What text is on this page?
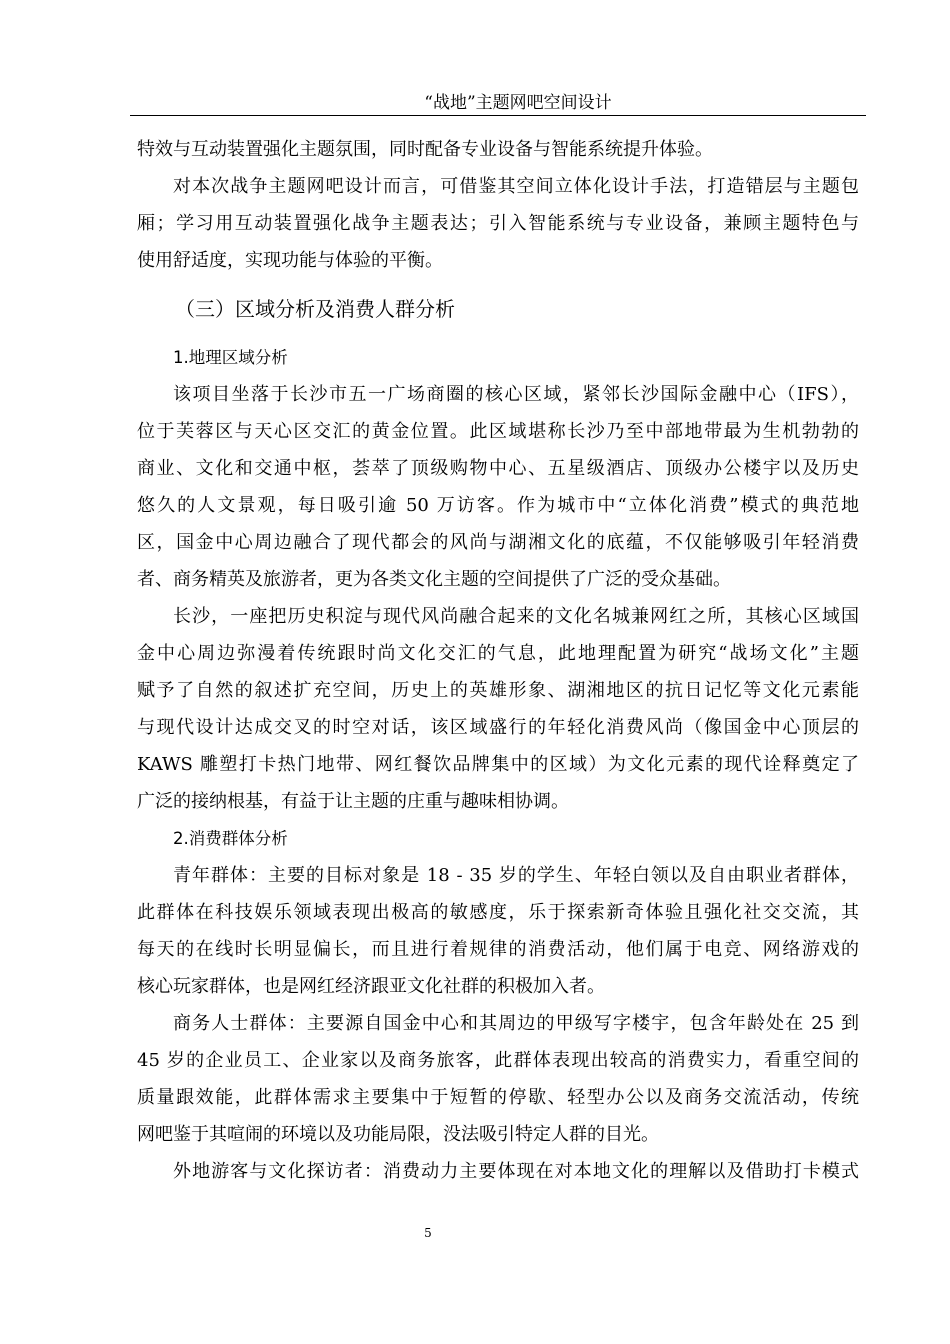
“战地”主题网吧空间设计
特效与互动装置强化主题氛围，同时配备专业设备与智能系统提升体验。
对本次战争主题网吧设计而言，可借鉴其空间立体化设计手法，打造错层与主题包
厢；学习用互动装置强化战争主题表达；引入智能系统与专业设备，兼顾主题特色与
使用舒适度，实现功能与体验的平衡。
（三）区域分析及消费人群分析
1.地理区域分析
该项目坐落于长沙市五一广场商圈的核心区域，紧邻长沙国际金融中心（IFS），
位于芙蓉区与天心区交汇的黄金位置。此区域堪称长沙乃至中部地带最为生机勃勃的
商业、文化和交通中枢，荟萃了顶级购物中心、五星级酒店、顶级办公楼宇以及历史
悠久的人文景观，每日吸引逾 50 万访客。作为城市中“立体化消费”模式的典范地
区，国金中心周边融合了现代都会的风尚与湖湘文化的底蕴，不仅能够吸引年轻消费
者、商务精英及旅游者，更为各类文化主题的空间提供了广泛的受众基础。
长沙，一座把历史积淀与现代风尚融合起来的文化名城兼网红之所，其核心区域国
金中心周边弥漫着传统跟时尚文化交汇的气息，此地理配置为研究“战场文化”主题
赋予了自然的叙述扩充空间，历史上的英雄形象、湖湘地区的抗日记忆等文化元素能
与现代设计达成交叉的时空对话，该区域盛行的年轻化消费风尚（像国金中心顶层的
KAWS 雕塑打卡热门地带、网红餐饮品牌集中的区域）为文化元素的现代诠释奠定了
广泛的接纳根基，有益于让主题的庄重与趣味相协调。
2.消费群体分析
青年群体：主要的目标对象是 18 - 35 岁的学生、年轻白领以及自由职业者群体，
此群体在科技娱乐领域表现出极高的敏感度，乐于探索新奇体验且强化社交交流，其
每天的在线时长明显偏长，而且进行着规律的消费活动，他们属于电竞、网络游戏的
核心玩家群体，也是网红经济跟亚文化社群的积极加入者。
商务人士群体：主要源自国金中心和其周边的甲级写字楼宇，包含年龄处在 25 到
45 岁的企业员工、企业家以及商务旅客，此群体表现出较高的消费实力，看重空间的
质量跟效能，此群体需求主要集中于短暂的停歇、轻型办公以及商务交流活动，传统
网吧鉴于其喧闹的环境以及功能局限，没法吸引特定人群的目光。
外地游客与文化探访者：消费动力主要体现在对本地文化的理解以及借助打卡模式
5
